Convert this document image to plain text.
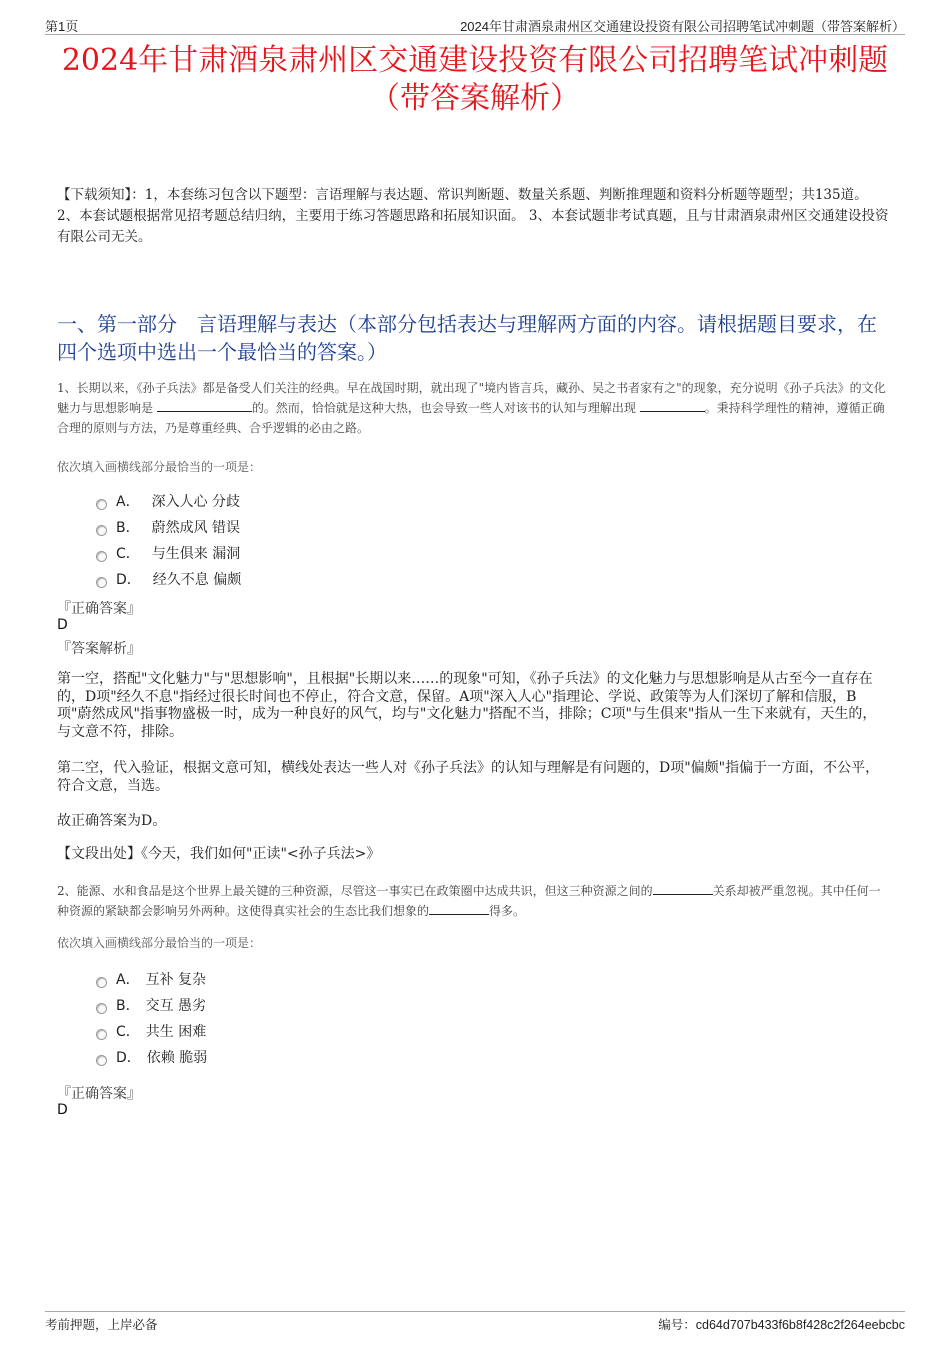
第1页	2024年甘肃酒泉肃州区交通建设投资有限公司招聘笔试冲刺题（带答案解析）
2024年甘肃酒泉肃州区交通建设投资有限公司招聘笔试冲刺题
（带答案解析）
【下载须知】：1，本套练习包含以下题型：言语理解与表达题、常识判断题、数量关系题、判断推理题和资料分析题等题型；共135道。 2、本套试题根据常见招考题总结归纳，主要用于练习答题思路和拓展知识面。 3、本套试题非考试真题，且与甘肃酒泉肃州区交通建设投资有限公司无关。
一、第一部分　言语理解与表达（本部分包括表达与理解两方面的内容。请根据题目要求，在四个选项中选出一个最恰当的答案。）
1、长期以来，《孙子兵法》都是备受人们关注的经典。早在战国时期，就出现了"境内皆言兵，藏孙、吴之书者家有之"的现象，充分说明《孙子兵法》的文化魅力与思想影响是	的。然而，恰恰就是这种大热，也会导致一些人对该书的认知与理解出现	。秉持科学理性的精神，遵循正确合理的原则与方法，乃是尊重经典、合乎逻辑的必由之路。
依次填入画横线部分最恰当的一项是：
A． 深入人心 分歧
B． 蔚然成风 错误
C． 与生俱来 漏洞
D． 经久不息 偏颇
『正确答案』
D
『答案解析』
第一空，搭配"文化魅力"与"思想影响"，且根据"长期以来……的现象"可知，《孙子兵法》的文化魅力与思想影响是从古至今一直存在的，D项"经久不息"指经过很长时间也不停止，符合文意，保留。A项"深入人心"指理论、学说、政策等为人们深切了解和信服，B项"蔚然成风"指事物盛极一时，成为一种良好的风气，均与"文化魅力"搭配不当，排除；C项"与生俱来"指从一生下来就有，天生的，与文意不符，排除。
第二空，代入验证，根据文意可知，横线处表达一些人对《孙子兵法》的认知与理解是有问题的，D项"偏颇"指偏于一方面，不公平，符合文意，当选。
故正确答案为D。
【文段出处】《今天，我们如何"正读"<孙子兵法>》
2、能源、水和食品是这个世界上最关键的三种资源，尽管这一事实已在政策圈中达成共识，但这三种资源之间的	关系却被严重忽视。其中任何一种资源的紧缺都会影响另外两种。这使得真实社会的生态比我们想象的	得多。
依次填入画横线部分最恰当的一项是：
A． 互补 复杂
B． 交互 愚劣
C． 共生 困难
D． 依赖 脆弱
『正确答案』
D
考前押题，上岸必备	编号：cd64d707b433f6b8f428c2f264eebcbc
